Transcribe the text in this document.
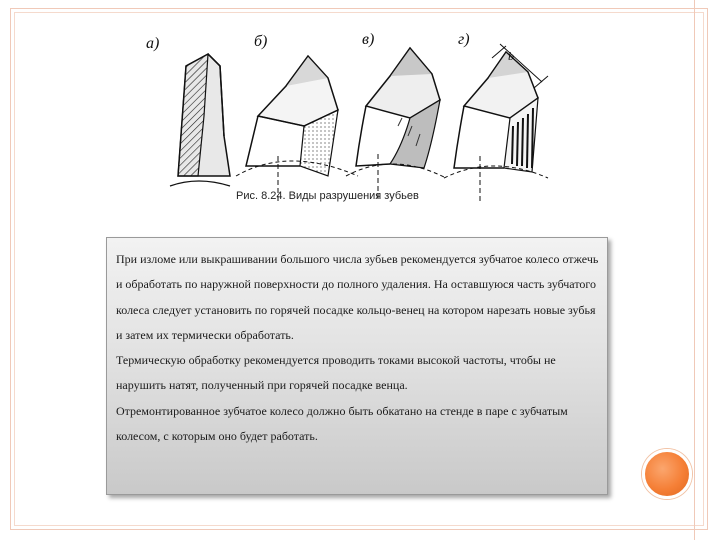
а)	б)	в)	г)
b
Рис. 8.24. Виды разрушения зубьев

При изломе или выкрашивании большого числа зубьев рекомендуется зубчатое колесо отжечь и обработать по наружной поверхности до полного удаления. На оставшуюся часть зубчатого колеса следует установить по горячей посадке кольцо-венец на котором нарезать новые зубья и затем их термически обработать.

Термическую обработку рекомендуется проводить токами высокой частоты, чтобы не нарушить натят, полученный при горячей посадке венца.

Отремонтированное зубчатое колесо должно быть обкатано на стенде в паре с зубчатым колесом, с которым оно будет работать.
